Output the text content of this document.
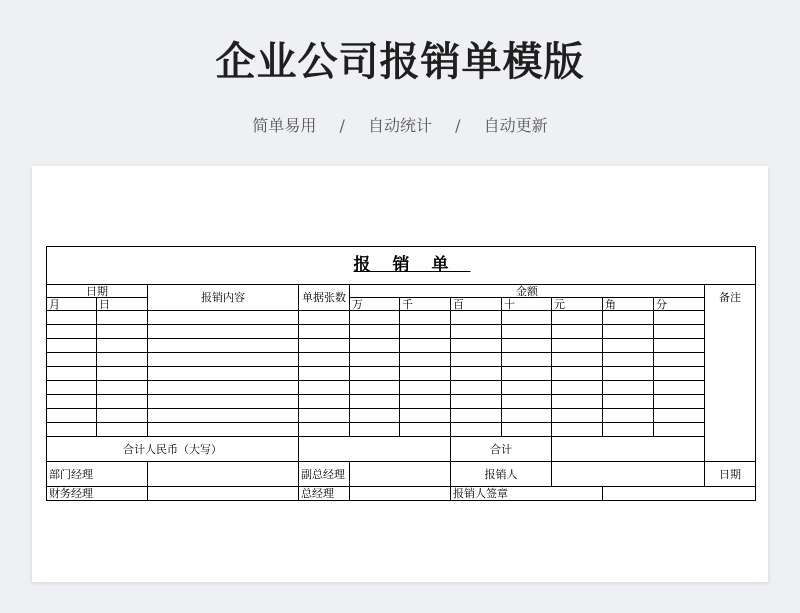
企业公司报销单模版
简单易用 / 自动统计 / 自动更新
报销单												
日期		报销内容	单据张数	金额							备注	
月	日			万	千	百	十	元	角	分		

合计人民币（大写）						合计						
部门经理			副总经理			报销人					日期	
财务经理			总经理			报销人签章						
